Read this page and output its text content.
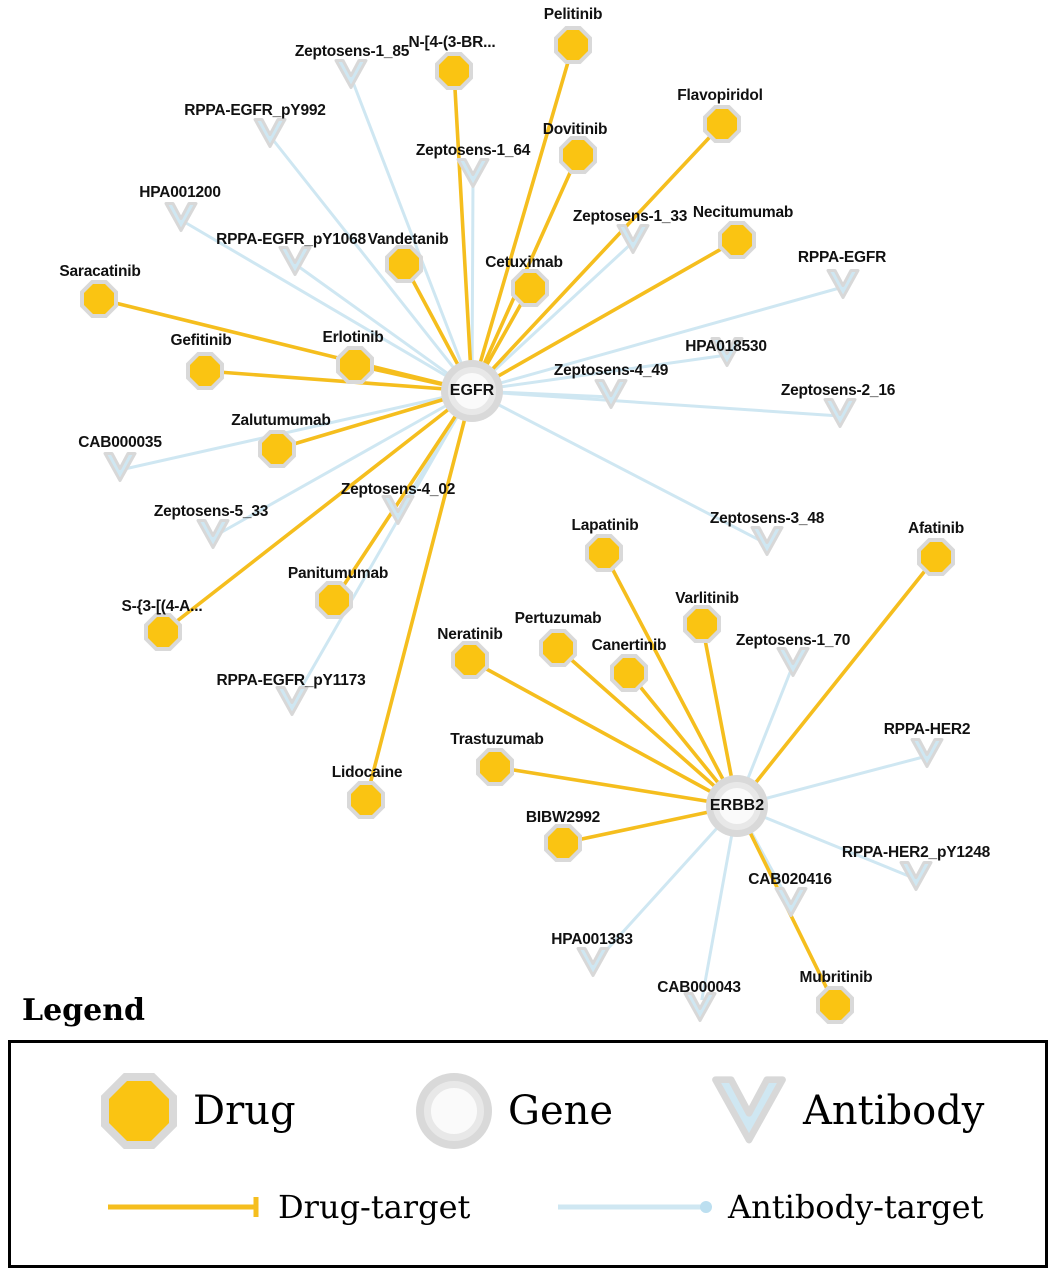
Zeptosens-1_85
RPPA-EGFR_pY992
Zeptosens-1_64
HPA001200
Zeptosens-1_33
RPPA-EGFR_pY1068
RPPA-EGFR
HPA018530
Zeptosens-4_49
Zeptosens-2_16
CAB000035
Zeptosens-5_33
Zeptosens-4_02
Zeptosens-3_48
Zeptosens-1_70
RPPA-EGFR_pY1173
RPPA-HER2
RPPA-HER2_pY1248
CAB020416
HPA001383
CAB000043
Pelitinib
N-[4-(3-BR...
Flavopiridol
Dovitinib
Necitumumab
Vandetanib
Cetuximab
Saracatinib
Gefitinib	Erlotinib
Zalutumumab
Lapatinib	Afatinib
Panitumumab
S-{3-[(4-A...	Varlitinib
Neratinib
Pertuzumab
Canertinib
Trastuzumab
Lidocaine
BIBW2992
Mubritinib
EGFR
ERBB2
Legend
Drug	Gene	Antibody
Drug-target	Antibody-target
